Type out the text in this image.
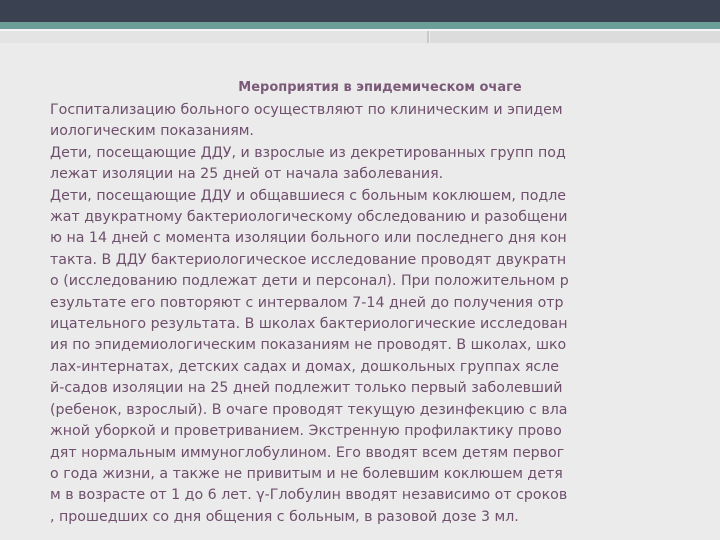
Мероприятия в эпидемическом очаге
Госпитализацию больного осуществляют по клиническим и эпидем
иологическим показаниям.
Дети, посещающие ДДУ, и взрослые из декретированных групп под
лежат изоляции на 25 дней от начала заболевания.
Дети, посещающие ДДУ и общавшиеся с больным коклюшем, подле
жат двукратному бактериологическому обследованию и разобщени
ю на 14 дней с момента изоляции больного или последнего дня кон
такта. В ДДУ бактериологическое исследование проводят двукратн
о (исследованию подлежат дети и персонал). При положительном р
езультате его повторяют с интервалом 7-14 дней до получения отр
ицательного результата. В школах бактериологические исследован
ия по эпидемиологическим показаниям не проводят. В школах, шко
лах-интернатах, детских садах и домах, дошкольных группах ясле
й-садов изоляции на 25 дней подлежит только первый заболевший
(ребенок, взрослый). В очаге проводят текущую дезинфекцию с вла
жной уборкой и проветриванием. Экстренную профилактику прово
дят нормальным иммуноглобулином. Его вводят всем детям первог
о года жизни, а также не привитым и не болевшим коклюшем детя
м в возрасте от 1 до 6 лет. γ-Глобулин вводят независимо от сроков
, прошедших со дня общения с больным, в разовой дозе 3 мл.
